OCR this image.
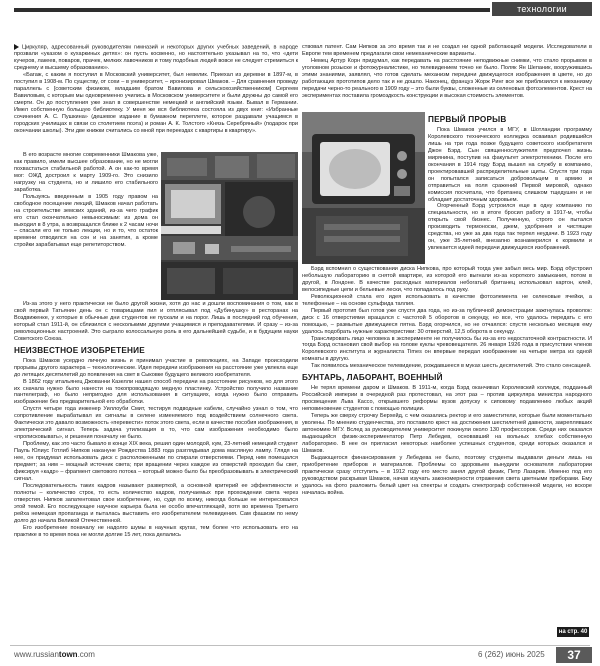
технологии

Циркуляр, адресованный руководителям гимназий и некоторых других учебных заведений, в народе прозвали «указом о кухаркиных детях»: он пусть косвенно, но настоятельно указывал на то, что «дети кучеров, лакеев, поваров, прачек, мелких лавочников и тому подобных людей вовсе не следует стремиться к среднему и высшему образованию».

«Багаж, с каким я поступил в Московский университет, был невелик. Приехал из деревни в 1897-м, в поступил в 1908-м. По существу, от сохи – в университет, – иронизировал Шмаков. – Для сравнения проведу параллель с [советским физиком, младшим братом Вавилова и сельскохозяйственником] Сергеем Вавиловым, с которым мы одновременно учились в Московском университете и были дружны до самой его смерти. Он до поступления уже знал в совершенстве немецкий и английский языки. Бывал в Германии. Имел собственную большую библиотеку. У меня же вся библиотека состояла из двух книг: «Избранные сочинения А. С. Пушкина» (дешевое издание в бумажном переплете, которое раздавали учащимся в городских училищах в связи со столетием поэта) и роман А. К. Толстого «Князь Серебряный» (подарок при окончании школы). Эти две книжки считались со мной при переездах с квартиры в квартиру».

В его возрасте многие современники Шмакова уже, как правило, имели высшее образование, но не могли похвастаться стабильной работой. А он как-то время мог: ОЖД достроил к марту 1909-го. Это снизило нагрузку на студента, но и лишило его стабильного заработка.

Пользуясь введенным в 1905 году правом на свободное посещение лекций, Шмаков начал работать на строительстве земских зданий, из-за чего график его стал окончательно невыносимым: из дома он выходил в 8 утра, а возвращался ближе к 2 часам ночи – спасали его не только лекции, но и то, что остаток времени отводился на сон и на занятия, а кроме стройки зарабатывал еще репетиторством.

Из-за этого у него практически не было другой жизни, хотя до нас и дошли воспоминания о том, как в свой первый Татьянин день он с товарищами пил и отплясывал под «Дубинушку» в ресторанах на Воздвиженке, у которые в обычные дни студентов не пускали и на порог. Лишь в последний год обучения, который стал 1911-й, он сблизился с несколькими другими учащимися и преподавателями. И сразу – из-за революционных настроений. Это сыграло колоссальную роль в его дальнейшей судьбе, и в будущем науки Советского Союза.

НЕИЗВЕСТНОЕ ИЗОБРЕТЕНИЕ

Пока Шмаков усердно личную жизнь и принимал участие в революциях, на Западе происходили прорывы другого характера – технологические. Идея передачи изображения на расстояние уже увлекла еще до летящих десятилетий до появления на свет в Сыковке будущего великого изобретателя.

В 1862 году итальянец Джованни Казелли нашел способ передачи на расстояние рисунков, но для этого их сначала нужно было нанести на токопроводящую медную пластинку. Устройство получило название пантелеграф, но было непригодно для использования в ситуациях, когда нужно было отправить изображение без предварительной его обработки.

Спустя четыре года инженер Уиллоуби Смит, тестируя подводные кабели, случайно узнал о том, что сопротивление вырабатывал их сигналы в селене изменяемого под воздействием солнечного света. Фактически это давало возможность «перевести» поток этого света, если в качестве пособия изображения, в электрический сигнал. Теперь задача утилизация в то, что сам изображения необходимо было «прописковывать», и решения поначалу не было.

Проблему, как это часто бывало в конце XIX века, решил один молодой, кум, 23-летний немецкий студент Пауль Юлиус Готлиб Нипков накануне Рождества 1883 года разглядывал дома масляную лампу. Глядя на нее, он придумал использовать диск с расположенными по спирали отверстиями. Перед ним помещался предмет; за ним – мощный источник света; при вращении через каждое из отверстий проходил бы свет, фиксируя «кадр» – фрагмент светового потока – который можно было бы преобразовывать в электрический сигнал.

Последовательность таких кадров называют разверткой, а основной критерий ее эффективности и полноты – количество строк, то есть количество кадров, получаемых при прохождении света через отверстия. Нипков запатентовал свое изобретение, но, судя по всему, никогда больше не интересовался этой темой. Его последующее научное карьера была не особо впечатляющей, хотя во времена Третьего рейха немецкая пропаганда и пыталась выставить его изобретателем телевидения. Сам фашизм по нему долго до начала Великой Отечественной.

Его изобретение поначалу не надолго шумы в научных кругах, тем более что использовать его на практике в то время пока не могли долгие 15 лет, пока делались

ствовал патент. Сам Нипков за это время так и не создал ни одной работающей модели. Исследователи в Европе тем временем предлагали свои немеханические варианты.

Немец Артур Корн придумал, как передавать на расстояние неподвижные снимки, что стало прорывом в уголовном розыске и фотожурналистике, но телевидением точно не было. Поляк Ян Шепаник, вооружившись этими знаниями, заявлял, что готов сделать механизм передачи движущегося изображения в цвете, но до работающих прототипов дело так и не дошло. Наконец, француз Жорж Ринг все же приблизился к механизму передачи черно-то реального в 1909 году – это были буквы, сложенные из селеновых фотоэлементов. Крест на экспериментах поставила громоздкость конструкции и высокая стоимость элементов.

ПЕРВЫЙ ПРОРЫВ

Пока Шмаков учился в МГУ, в Шотландии программу Королевского технического колледжа осваивал родившийся лишь на три года позже будущего советского изобретателя Джон Бэрд. Сын священнослужителя предпочел жизнь мирянина, поступив на факультет электротехники. После его окончания в 1914 году Бэрд вышел на службу в компанию, проектировавшей распределительные щиты. Спустя три года он попытался записаться добровольцем в армию и отправиться на поля сражений Первой мировой, однако комиссия посчитала, что британец слишком тщедушен и не обладает достаточным здоровьем.

Огорченный Бэрд устроился еще в одну компанию по специальности, но в итоге бросил работу в 1917-м, чтобы открыть свой бизнес. Полученную, строго он пытался производить термоноски, джем, удобрения и чистящие средства, но уже за два года так терпел неудачи. В 1923 году он, уже 35-летний, внезапно вознамерился к кормили и увлекается идеей передачи движущихся изображений.

Бэрд вспомнил о существовании диска Нипкова, про который тогда уже забыл весь мир. Бэрд обустроил небольшую лабораторию в снятой квартире, из которой его выгнали из-за короткого замыкания, потом в другой, в Лондоне. В качестве расходных материалов небогатый британец использовал картон, клей, велосипедные цепи и бельевые лески, что попадалось под руку.

Революционной стала его идея использовать в качестве фотоэлемента не селеновые ячейки, а телефонные – на основе сульфида таллия.

Первый прототип был готов уже спустя два года, но из-за публичной демонстрации зажгнулась проволок: диск с 16 отверстиями вращался с частотой 5 оборотов в секунду, но все, что удалось передать с его помощью, – размытые движущиеся пятна. Бэрд огорчился, но не отчаялся: спустя несколько месяцев ему удалось подобрать нужные характеристики: 30 отверстий, 12,5 оборота в секунду.

Транслировать лицо человека в эксперименте не получилось бы из-за его недостаточной контрастности. И тогда Бэрд остановил свой выбор на голове куклы чревовещателя. 26 января 1926 года в присутствии членов Королевского института и журналиста Times он впервые передал изображение на четыре метра из одной комнаты в другую.

Так появилось механическое телевидение, рождавшееся в муках шесть десятилетий. Это стало сенсацией.

БУНТАРЬ, ЛАБОРАНТ, ВОЕННЫЙ

Не терял времени даром и Шмаков. В 1911-м, когда Бэрд оканчивал Королевский колледж, подданный Российской империи в очередной раз протестовал, на этот раз – против циркуляра министра народного просвещения Льва Кассо, открывшего реформы вузов допуску к сиповому подавлению любых акций неповиновение студентов с помощью полиции.

Теперь же сверху строчку Берхейд, с чем оказались ректор и его заместители, которые были моментально уволены. По мнению студенчества, это поставило крест на достижения шестилетней давности, закреплявших автономию МГУ. Вслед за руководителем университет покинули около 130 профессоров. Среди них оказался выдающийся физик-экспериментатор Петр Лебедев, основавший на вольных хлебах собственную лабораторию. В нее он пригласил некоторых наиболее успешных студентов, среди которых оказался и Шмаков.

Выдающегося финансирования у Лебедева не было, поэтому студенты выдавали деньги лишь на приобретение приборов и материалов. Проблемы со здоровьем вынудили основателя лаборатории практически сразу отступить – в 1912 году его место занял другой физик, Петр Лазарев. Именно под его руководством раскрывая Шмаков, начав изучать закономерности отражения света цветными приборами. Ему удалось на фото разложить белый цвет на спектры и создать спектрограф собственной модели, но вскоре началась война.

на стр. 40
www.russiantown.com	6 (262) июнь 2025	37
